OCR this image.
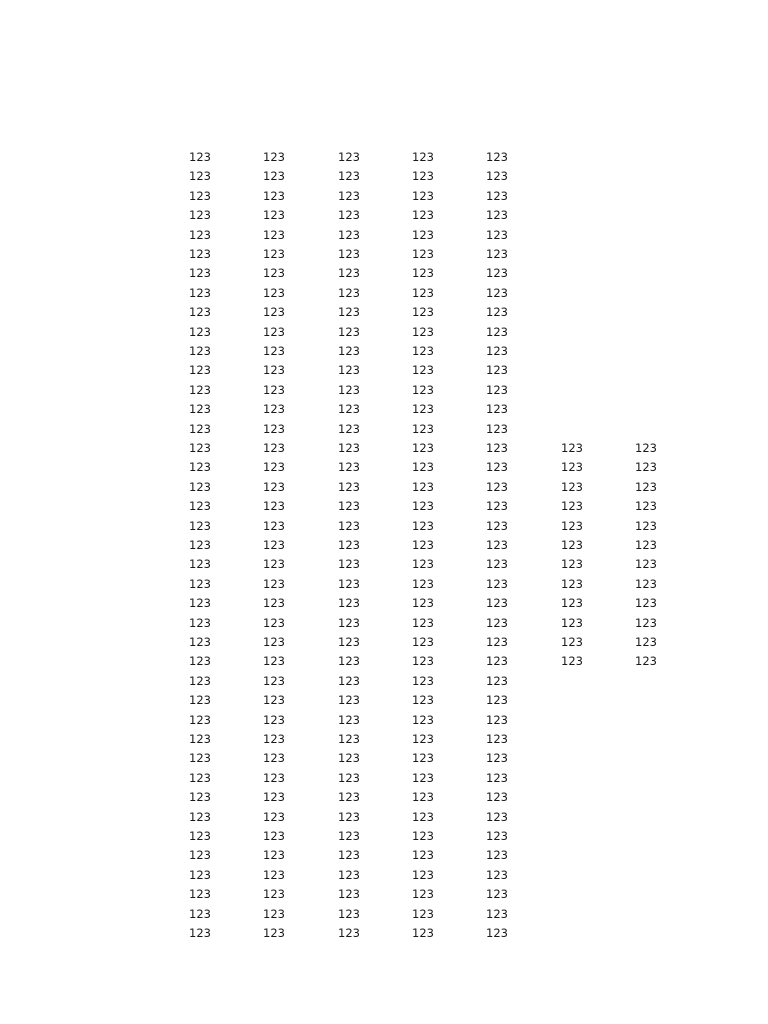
123
123
123
123
123
123
123
123
123
123
123
123
123
123
123
123
123
123
123
123
123
123
123
123
123
123
123
123
123
123
123
123
123
123
123
123
123
123
123
123
123
123
123
123
123
123
123
123
123
123
123
123
123
123
123
123
123
123
123
123
123
123
123
123
123
123
123
123
123
123
123
123
123
123
123
123
123
123
123
123
123
123
123
123
123
123
123
123
123
123
123
123
123
123
123
123
123
123
123
123
123
123
123
123
123
123
123
123
123
123
123
123
123
123
123
123
123
123
123
123
123
123
123
123
123
123
123
123
123
123
123
123
123
123
123
123
123
123
123
123
123
123
123
123
123
123
123
123
123
123
123
123
123
123
123
123
123
123
123
123
123
123
123
123
123
123
123
123
123
123
123
123
123
123
123
123
123
123
123
123
123
123
123
123
123
123
123
123
123
123
123
123
123
123
123
123
123
123
123
123
123
123
123
123
123
123
123
123
123
123
123
123
123
123
123
123
123
123
123
123
123
123
123
123
123
123
123
123
123
